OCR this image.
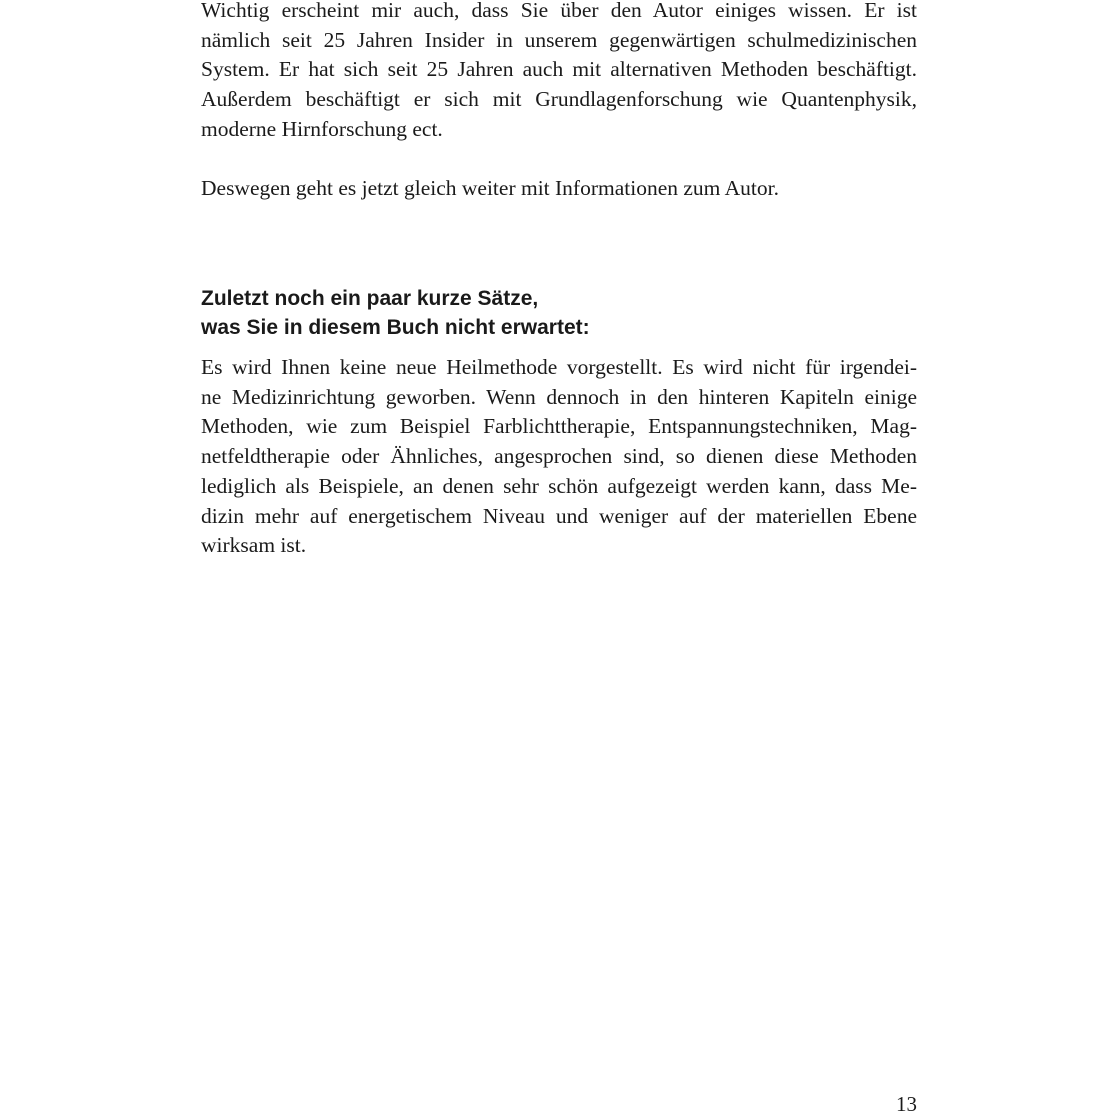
Wichtig erscheint mir auch, dass Sie über den Autor einiges wissen. Er ist
nämlich seit 25 Jahren Insider in unserem gegenwärtigen schulmedizinischen
System. Er hat sich seit 25 Jahren auch mit alternativen Methoden beschäftigt.
Außerdem beschäftigt er sich mit Grundlagenforschung wie Quantenphysik,
moderne Hirnforschung ect.

Deswegen geht es jetzt gleich weiter mit Informationen zum Autor.

Zuletzt noch ein paar kurze Sätze,
was Sie in diesem Buch nicht erwartet:

Es wird Ihnen keine neue Heilmethode vorgestellt. Es wird nicht für irgendei-
ne Medizinrichtung geworben. Wenn dennoch in den hinteren Kapiteln einige
Methoden, wie zum Beispiel Farblichttherapie, Entspannungstechniken, Mag-
netfeldtherapie oder Ähnliches, angesprochen sind, so dienen diese Methoden
lediglich als Beispiele, an denen sehr schön aufgezeigt werden kann, dass Me-
dizin mehr auf energetischem Niveau und weniger auf der materiellen Ebene
wirksam ist.

13
